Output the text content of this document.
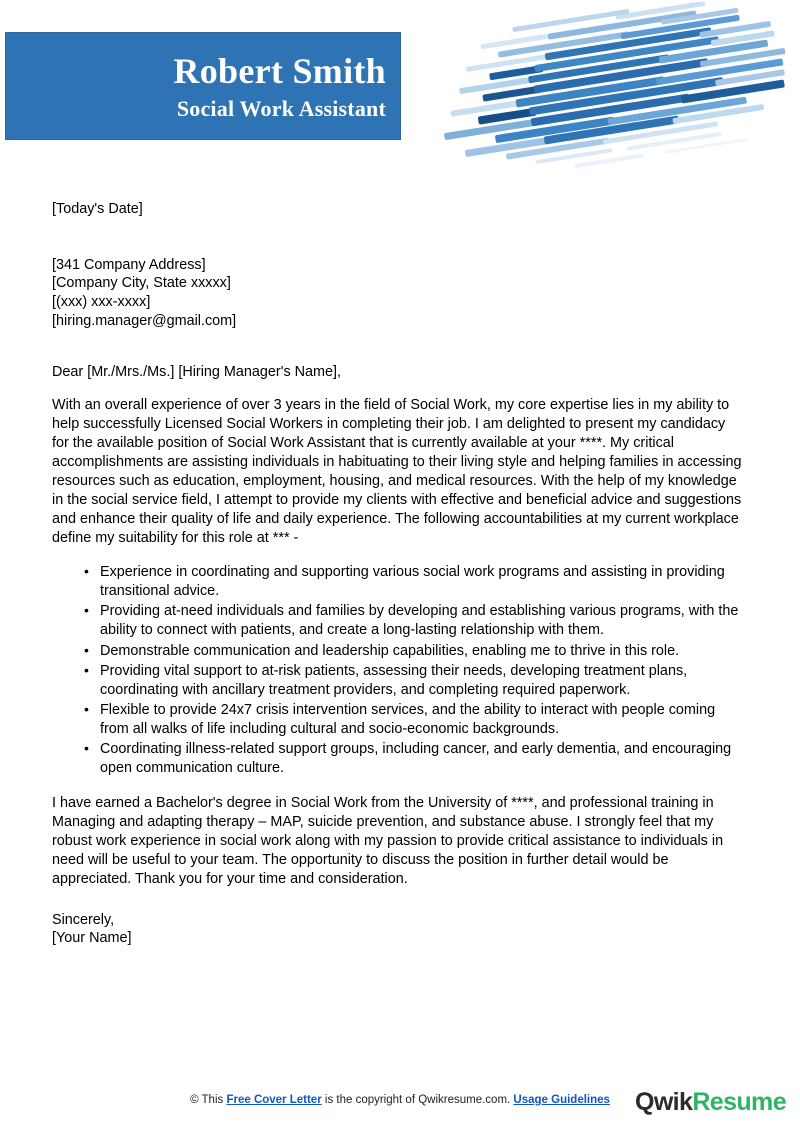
Robert Smith
Social Work Assistant
[Today's Date]
[341 Company Address]
[Company City, State xxxxx]
[(xxx) xxx-xxxx]
[hiring.manager@gmail.com]
Dear [Mr./Mrs./Ms.] [Hiring Manager's Name],

With an overall experience of over 3 years in the field of Social Work, my core expertise lies in my ability to help successfully Licensed Social Workers in completing their job. I am delighted to present my candidacy for the available position of Social Work Assistant that is currently available at your ****. My critical accomplishments are assisting individuals in habituating to their living style and helping families in accessing resources such as education, employment, housing, and medical resources. With the help of my knowledge in the social service field, I attempt to provide my clients with effective and beneficial advice and suggestions and enhance their quality of life and daily experience. The following accountabilities at my current workplace define my suitability for this role at *** -

• Experience in coordinating and supporting various social work programs and assisting in providing transitional advice.
• Providing at-need individuals and families by developing and establishing various programs, with the ability to connect with patients, and create a long-lasting relationship with them.
• Demonstrable communication and leadership capabilities, enabling me to thrive in this role.
• Providing vital support to at-risk patients, assessing their needs, developing treatment plans, coordinating with ancillary treatment providers, and completing required paperwork.
• Flexible to provide 24x7 crisis intervention services, and the ability to interact with people coming from all walks of life including cultural and socio-economic backgrounds.
• Coordinating illness-related support groups, including cancer, and early dementia, and encouraging open communication culture.

I have earned a Bachelor's degree in Social Work from the University of ****, and professional training in Managing and adapting therapy – MAP, suicide prevention, and substance abuse. I strongly feel that my robust work experience in social work along with my passion to provide critical assistance to individuals in need will be useful to your team. The opportunity to discuss the position in further detail would be appreciated. Thank you for your time and consideration.

Sincerely,
[Your Name]
© This Free Cover Letter is the copyright of Qwikresume.com. Usage Guidelines	QwikResume
